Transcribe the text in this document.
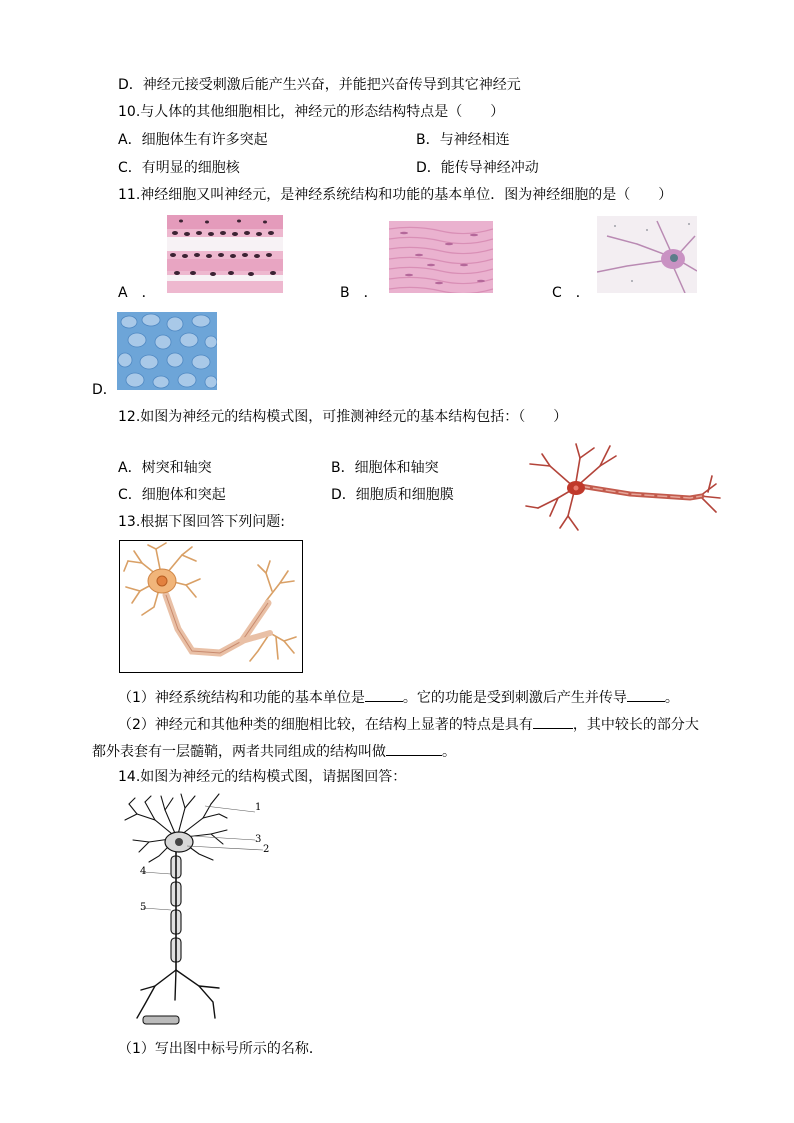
D．神经元接受刺激后能产生兴奋，并能把兴奋传导到其它神经元
10.与人体的其他细胞相比，神经元的形态结构特点是（　　）
A．细胞体生有许多突起	B．与神经相连
C．有明显的细胞核	D．能传导神经冲动
11.神经细胞又叫神经元，是神经系统结构和功能的基本单位．图为神经细胞的是（　　）
A　．	B　．	C　．
D．
12.如图为神经元的结构模式图，可推测神经元的基本结构包括：（　　）
A．树突和轴突	B．细胞体和轴突
C．细胞体和突起	D．细胞质和细胞膜
13.根据下图回答下列问题:
（1）神经系统结构和功能的基本单位是	。它的功能是受到刺激后产生并传导	。
（2）神经元和其他种类的细胞相比较，在结构上显著的特点是具有	，其中较长的部分大
都外表套有一层髓鞘，两者共同组成的结构叫做	。
14.如图为神经元的结构模式图，请据图回答：
1
2
3
4
5
（1）写出图中标号所示的名称．
